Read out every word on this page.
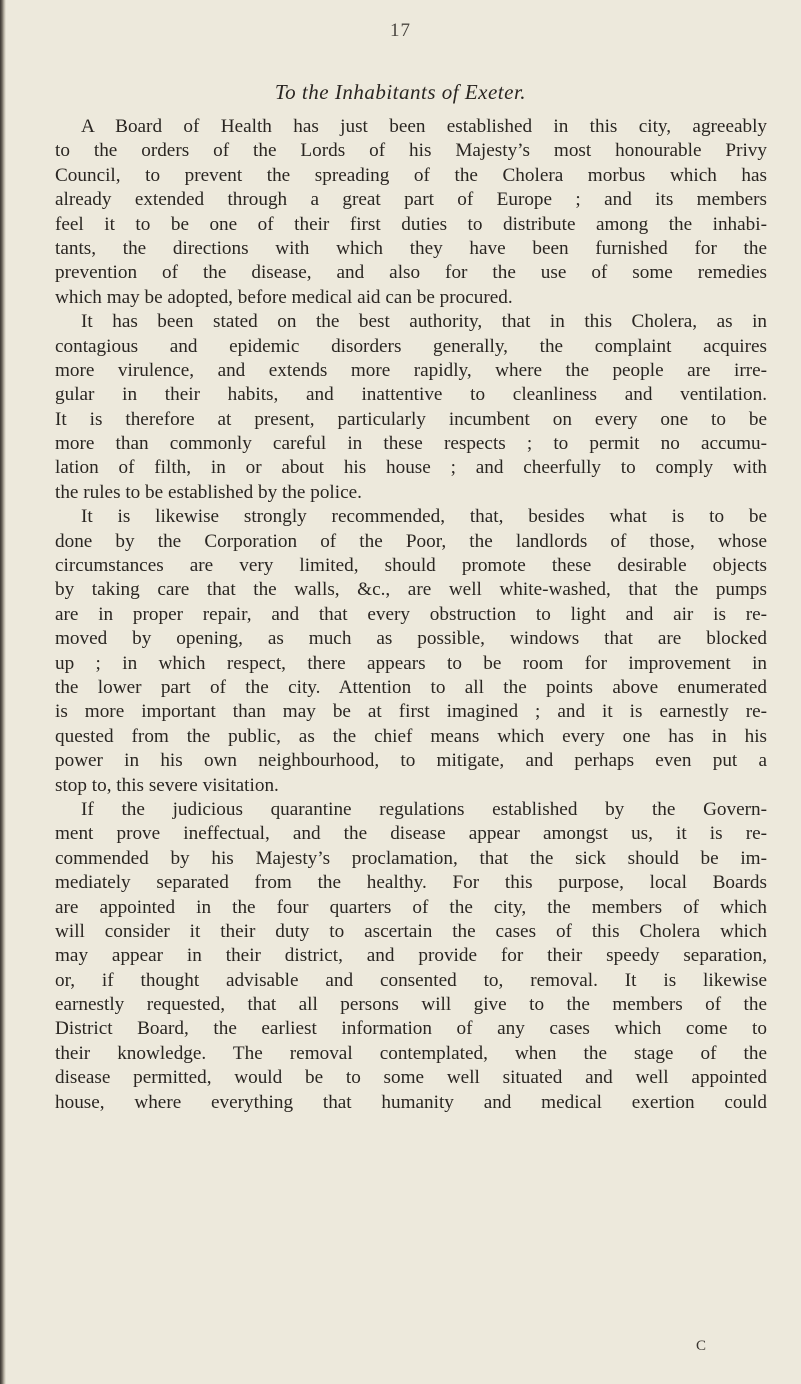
17
To the Inhabitants of Exeter.
A Board of Health has just been established in this city, agreeably
to the orders of the Lords of his Majesty’s most honourable Privy
Council, to prevent the spreading of the Cholera morbus which has
already extended through a great part of Europe ; and its members
feel it to be one of their first duties to distribute among the inhabi-
tants, the directions with which they have been furnished for the
prevention of the disease, and also for the use of some remedies
which may be adopted, before medical aid can be procured.
It has been stated on the best authority, that in this Cholera, as in
contagious and epidemic disorders generally, the complaint acquires
more virulence, and extends more rapidly, where the people are irre-
gular in their habits, and inattentive to cleanliness and ventilation.
It is therefore at present, particularly incumbent on every one to be
more than commonly careful in these respects ; to permit no accumu-
lation of filth, in or about his house ; and cheerfully to comply with
the rules to be established by the police.
It is likewise strongly recommended, that, besides what is to be
done by the Corporation of the Poor, the landlords of those, whose
circumstances are very limited, should promote these desirable objects
by taking care that the walls, &c., are well white-washed, that the pumps
are in proper repair, and that every obstruction to light and air is re-
moved by opening, as much as possible, windows that are blocked
up ; in which respect, there appears to be room for improvement in
the lower part of the city. Attention to all the points above enumerated
is more important than may be at first imagined ; and it is earnestly re-
quested from the public, as the chief means which every one has in his
power in his own neighbourhood, to mitigate, and perhaps even put a
stop to, this severe visitation.
If the judicious quarantine regulations established by the Govern-
ment prove ineffectual, and the disease appear amongst us, it is re-
commended by his Majesty’s proclamation, that the sick should be im-
mediately separated from the healthy. For this purpose, local Boards
are appointed in the four quarters of the city, the members of which
will consider it their duty to ascertain the cases of this Cholera which
may appear in their district, and provide for their speedy separation,
or, if thought advisable and consented to, removal. It is likewise
earnestly requested, that all persons will give to the members of the
District Board, the earliest information of any cases which come to
their knowledge. The removal contemplated, when the stage of the
disease permitted, would be to some well situated and well appointed
house, where everything that humanity and medical exertion could
C
